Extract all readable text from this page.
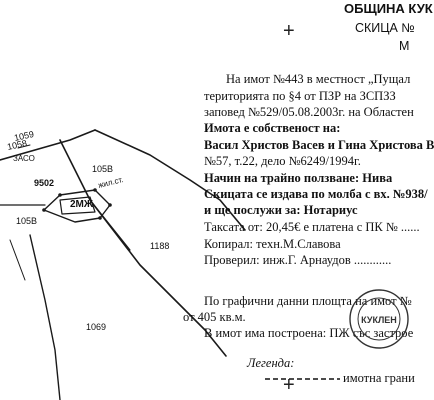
1059
1058
ЗАСО
9502
105В
жил.ст.
2МЖ
105В
1188
1069
+
+
ОБЩИНА КУК
СКИЦА №
М
На имот №443 в местност „Пущал
територията по §4 от ПЗР на ЗСПЗЗ
заповед №529/05.08.2003г. на Областен
Имота е собственост на:
Васил Христов Васев и Гина Христова В
№57, т.22, дело №6249/1994г.
Начин на трайно ползване: Нива
Скицата се издава по молба с вх. №938/
и ще послужи за: Нотариус
Таксата от: 20,45€ е платена с ПК № ......
Копирал: техн.М.Славова
Проверил: инж.Г. Арнаудов ............
По графични данни площта на имот №
от 405 кв.м.
В имот има построена: ПЖ със застрое
Легенда:
имотна грани
КУКЛЕН
